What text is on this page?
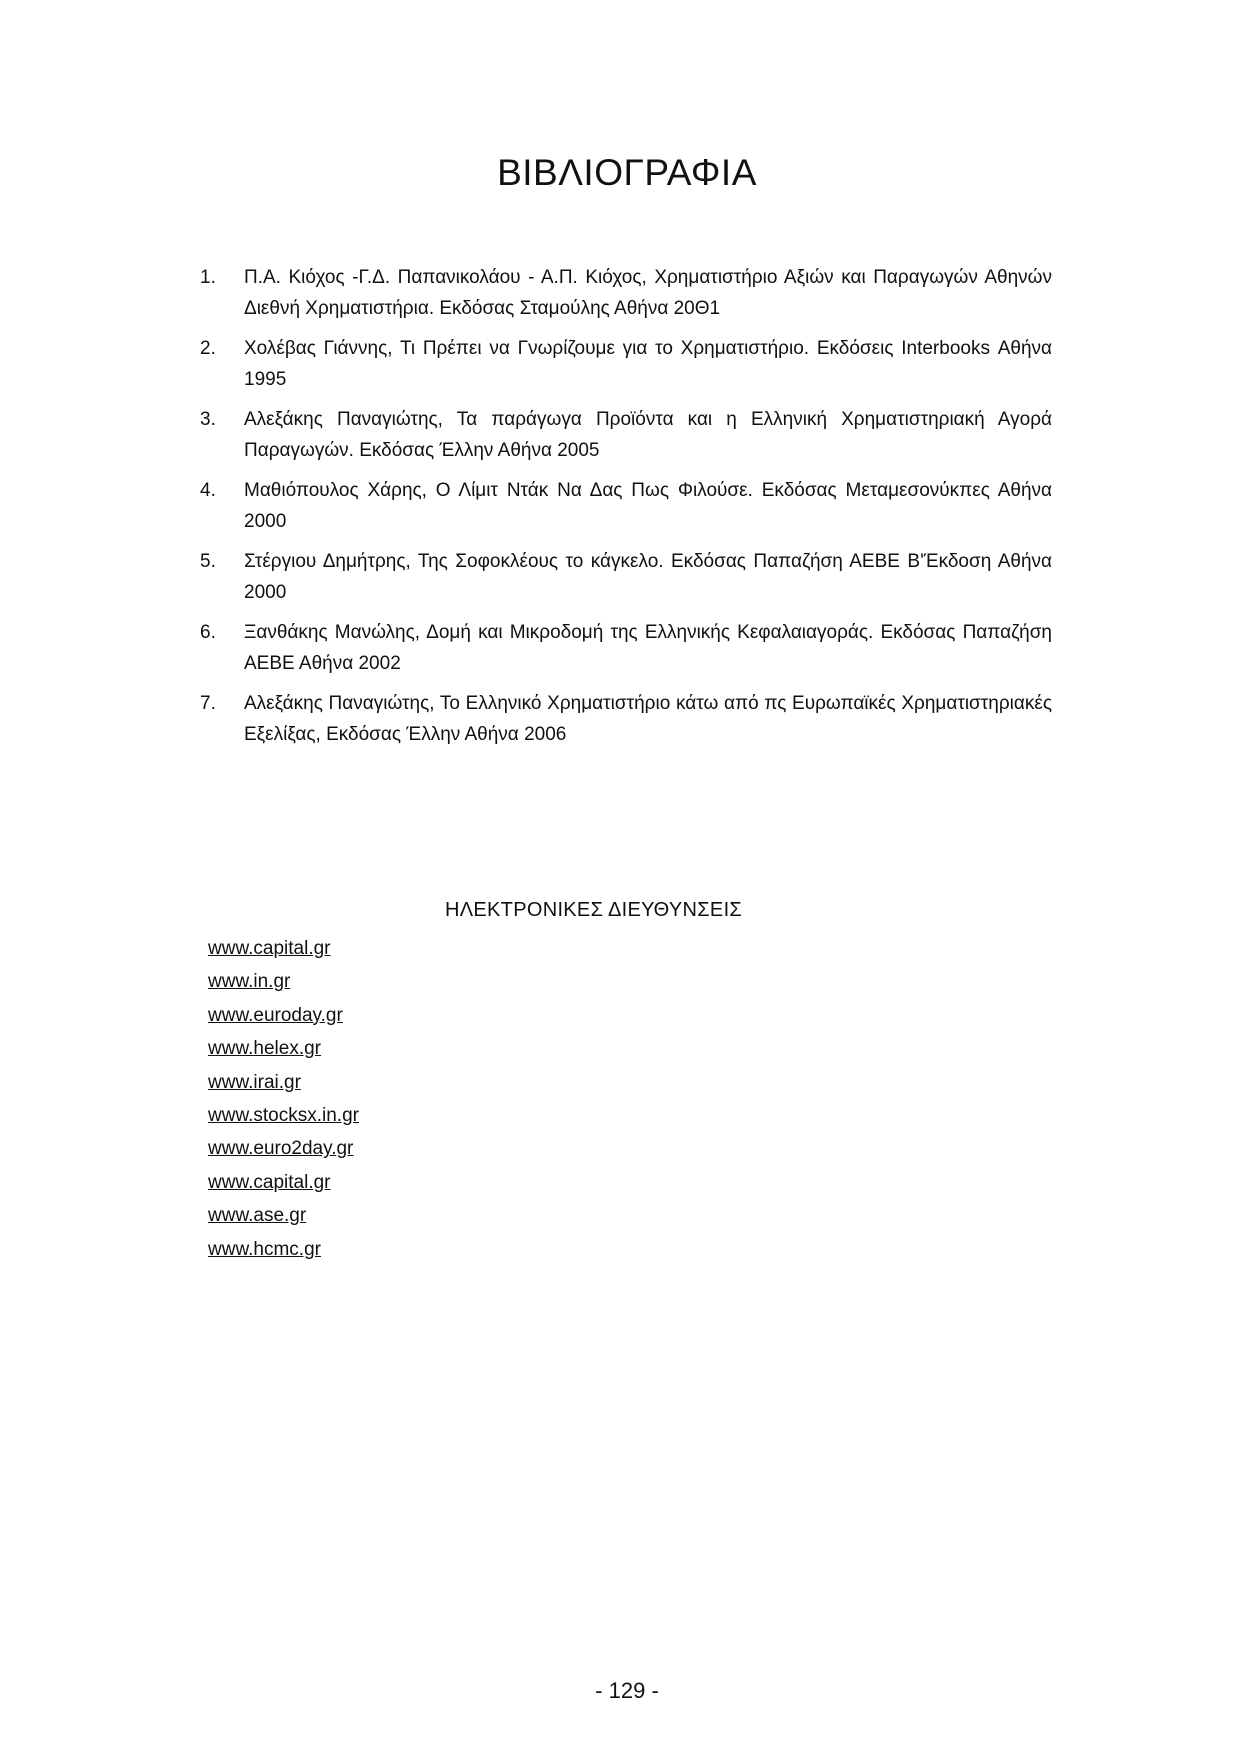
ΒΙΒΛΙΟΓΡΑΦΙΑ
1. Π.Α. Κιόχος -Γ.Δ. Παπανικολάου - Α.Π. Κιόχος, Χρηματιστήριο Αξιών και Παραγωγών Αθηνών Διεθνή Χρηματιστήρια. Εκδόσας Σταμούλης Αθήνα 20Θ1
2. Χολέβας Γιάννης, Τι Πρέπει να Γνωρίζουμε για το Χρηματιστήριο. Εκδόσεις Interbooks Αθήνα 1995
3. Αλεξάκης Παναγιώτης, Τα παράγωγα Προϊόντα και η Ελληνική Χρηματιστηριακή Αγορά Παραγωγών. Εκδόσας Έλλην Αθήνα 2005
4. Μαθιόπουλος Χάρης, Ο Λίμιτ Ντάκ Να Δας Πως Φιλούσε. Εκδόσας Μεταμεσονύκπες Αθήνα 2000
5. Στέργιου Δημήτρης, Της Σοφοκλέους το κάγκελο. Εκδόσας Παπαζήση ΑΕΒΕ Β'Έκδοση Αθήνα 2000
6. Ξανθάκης Μανώλης, Δομή και Μικροδομή της Ελληνικής Κεφαλαιαγοράς. Εκδόσας Παπαζήση ΑΕΒΕ Αθήνα 2002
7. Αλεξάκης Παναγιώτης, Το Ελληνικό Χρηματιστήριο κάτω από πς Ευρωπαϊκές Χρηματιστηριακές Εξελίξας, Εκδόσας Έλλην Αθήνα 2006
ΗΛΕΚΤΡΟΝΙΚΕΣ ΔΙΕΥΘΥΝΣΕΙΣ
www.capital.gr
www.in.gr
www.euroday.gr
www.helex.gr
www.irai.gr
www.stocksx.in.gr
www.euro2day.gr
www.capital.gr
www.ase.gr
www.hcmc.gr
- 129 -
